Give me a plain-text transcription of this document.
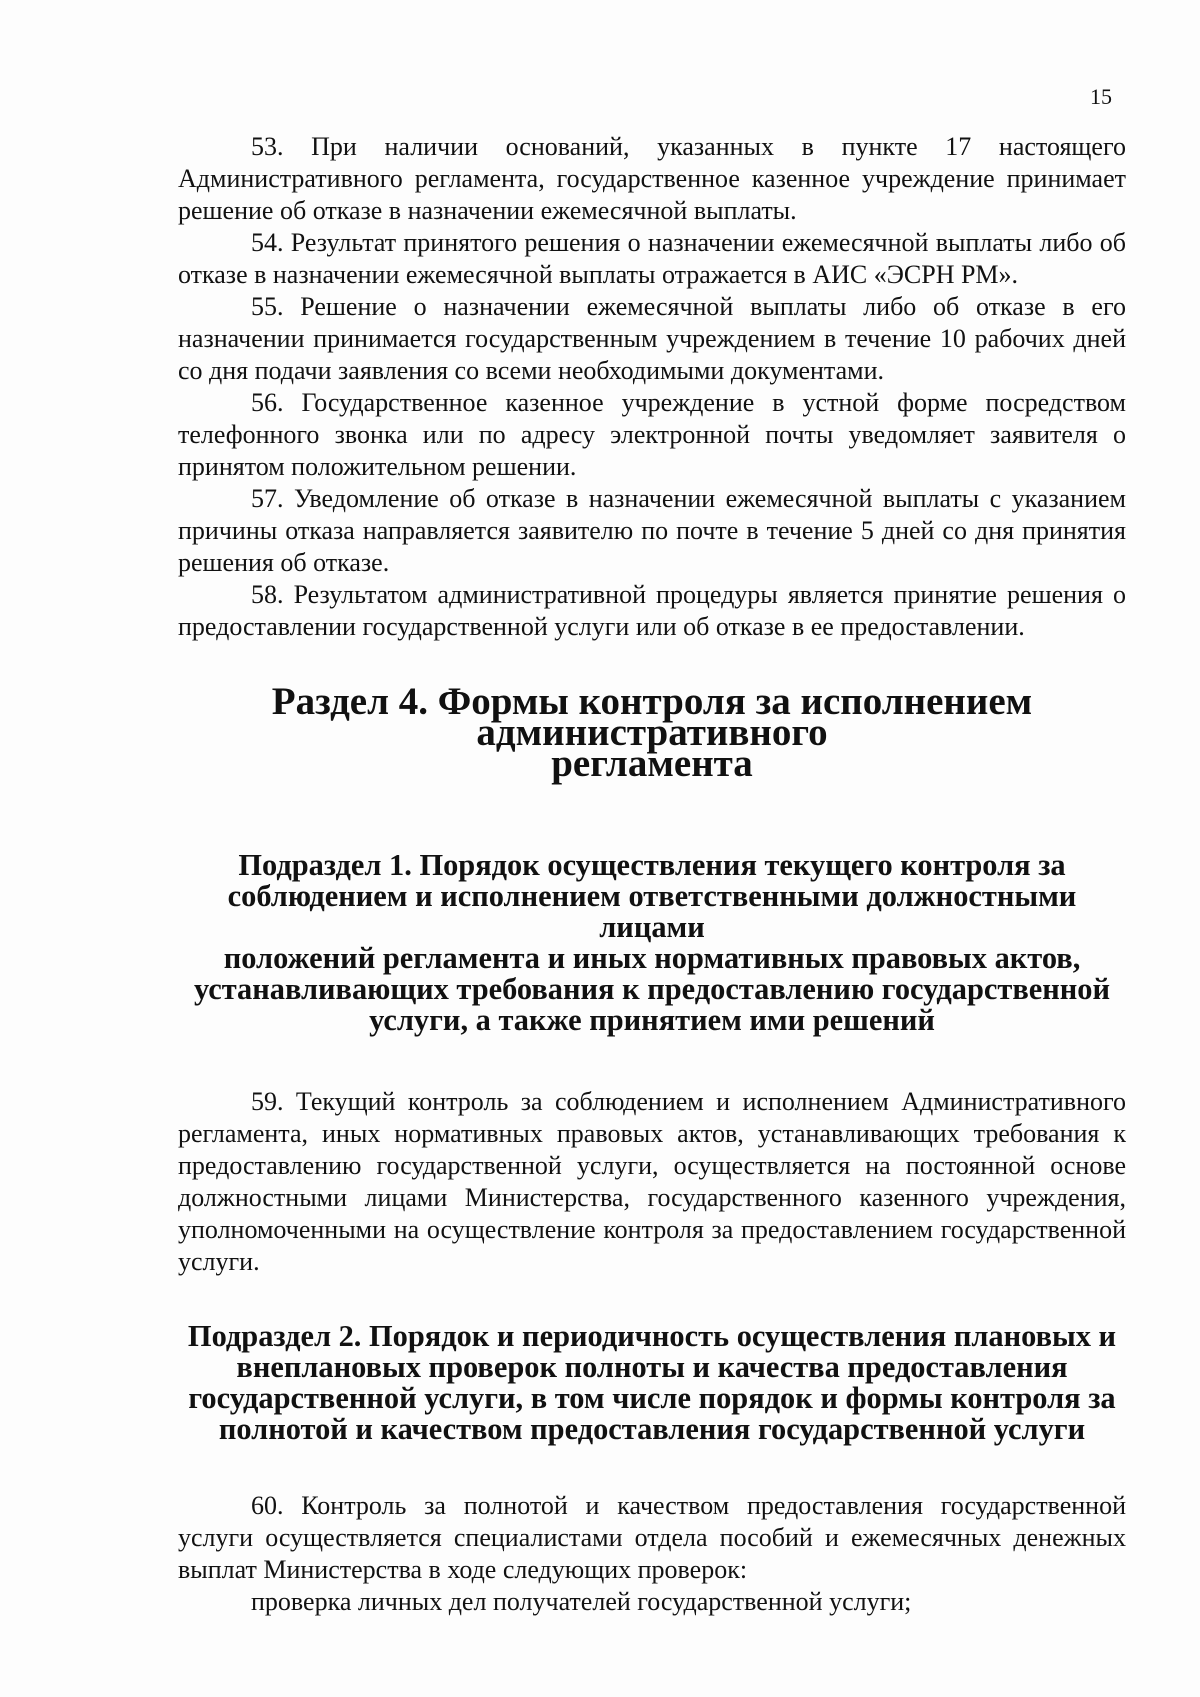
15

53. При наличии оснований, указанных в пункте 17 настоящего Административного регламента, государственное казенное учреждение принимает решение об отказе в назначении ежемесячной выплаты.

54. Результат принятого решения о назначении ежемесячной выплаты либо об отказе в назначении ежемесячной выплаты отражается в АИС «ЭСРН РМ».

55. Решение о назначении ежемесячной выплаты либо об отказе в его назначении принимается государственным учреждением в течение 10 рабочих дней со дня подачи заявления со всеми необходимыми документами.

56. Государственное казенное учреждение в устной форме посредством телефонного звонка или по адресу электронной почты уведомляет заявителя о принятом положительном решении.

57. Уведомление об отказе в назначении ежемесячной выплаты с указанием причины отказа направляется заявителю по почте в течение 5 дней со дня принятия решения об отказе.

58. Результатом административной процедуры является принятие решения о предоставлении государственной услуги или об отказе в ее предоставлении.

Раздел 4. Формы контроля за исполнением административного
регламента
Подраздел 1. Порядок осуществления текущего контроля за
соблюдением и исполнением ответственными должностными лицами
положений регламента и иных нормативных правовых актов,
устанавливающих требования к предоставлению государственной
услуги, а также принятием ими решений

59. Текущий контроль за соблюдением и исполнением Административного регламента, иных нормативных правовых актов, устанавливающих требования к предоставлению государственной услуги, осуществляется на постоянной основе должностными лицами Министерства, государственного казенного учреждения, уполномоченными на осуществление контроля за предоставлением государственной услуги.

Подраздел 2. Порядок и периодичность осуществления плановых и
внеплановых проверок полноты и качества предоставления
государственной услуги, в том числе порядок и формы контроля за
полнотой и качеством предоставления государственной услуги

60. Контроль за полнотой и качеством предоставления государственной услуги осуществляется специалистами отдела пособий и ежемесячных денежных выплат Министерства в ходе следующих проверок:

проверка личных дел получателей государственной услуги;
